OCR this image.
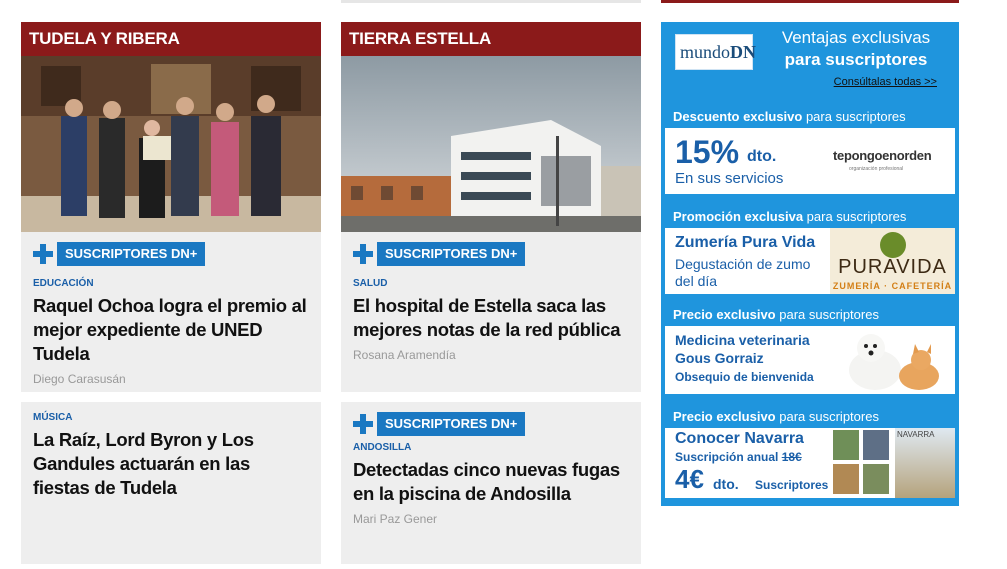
TUDELA Y RIBERA
SUSCRIPTORES DN+
EDUCACIÓN
Raquel Ochoa logra el premio al mejor expediente de UNED Tudela
Diego Carasusán
MÚSICA
La Raíz, Lord Byron y Los Gandules actuarán en las fiestas de Tudela
TIERRA ESTELLA
SUSCRIPTORES DN+
SALUD
El hospital de Estella saca las mejores notas de la red pública
Rosana Aramendía
SUSCRIPTORES DN+
ANDOSILLA
Detectadas cinco nuevas fugas en la piscina de Andosilla
Mari Paz Gener
mundoDN
Ventajas exclusivas
para suscriptores
Consúltalas todas >>
Descuento exclusivo para suscriptores
15% dto.
En sus servicios
tepongoenorden
organización profesional
Promoción exclusiva para suscriptores
Zumería Pura Vida
Degustación de zumo del día
PURAVIDA
ZUMERÍA · CAFETERÍA
Precio exclusivo para suscriptores
Medicina veterinaria
Gous Gorraiz
Obsequio de bienvenida
Precio exclusivo para suscriptores
Conocer Navarra
Suscripción anual 18€
4€ dto. Suscriptores
NAVARRA
